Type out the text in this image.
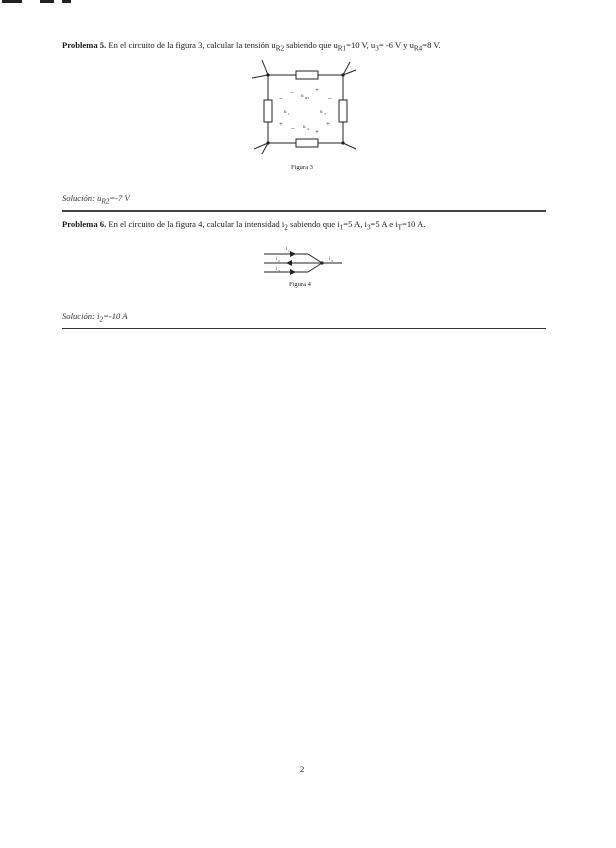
Problema 5. En el circuito de la figura 3, calcular la tensión $u_{R2}$ sabiendo que $u_{R1}=10$ V, $u_3= -6$ V y $u_{R4}=8$ V.
−
−	+
−
u R2
u 1	u 3
+
− u 4 +
+
Figura 3
Solución: $u_{R2}=-7$ V
Problema 6. En el circuito de la figura 4, calcular la intensidad $i_2$ sabiendo que $i_1=5$ A, $i_3=5$ A e $i_T=10$ A.
i 1
i 2
i 3
i T
Figura 4
Solución: $i_2=-10$ A
2
